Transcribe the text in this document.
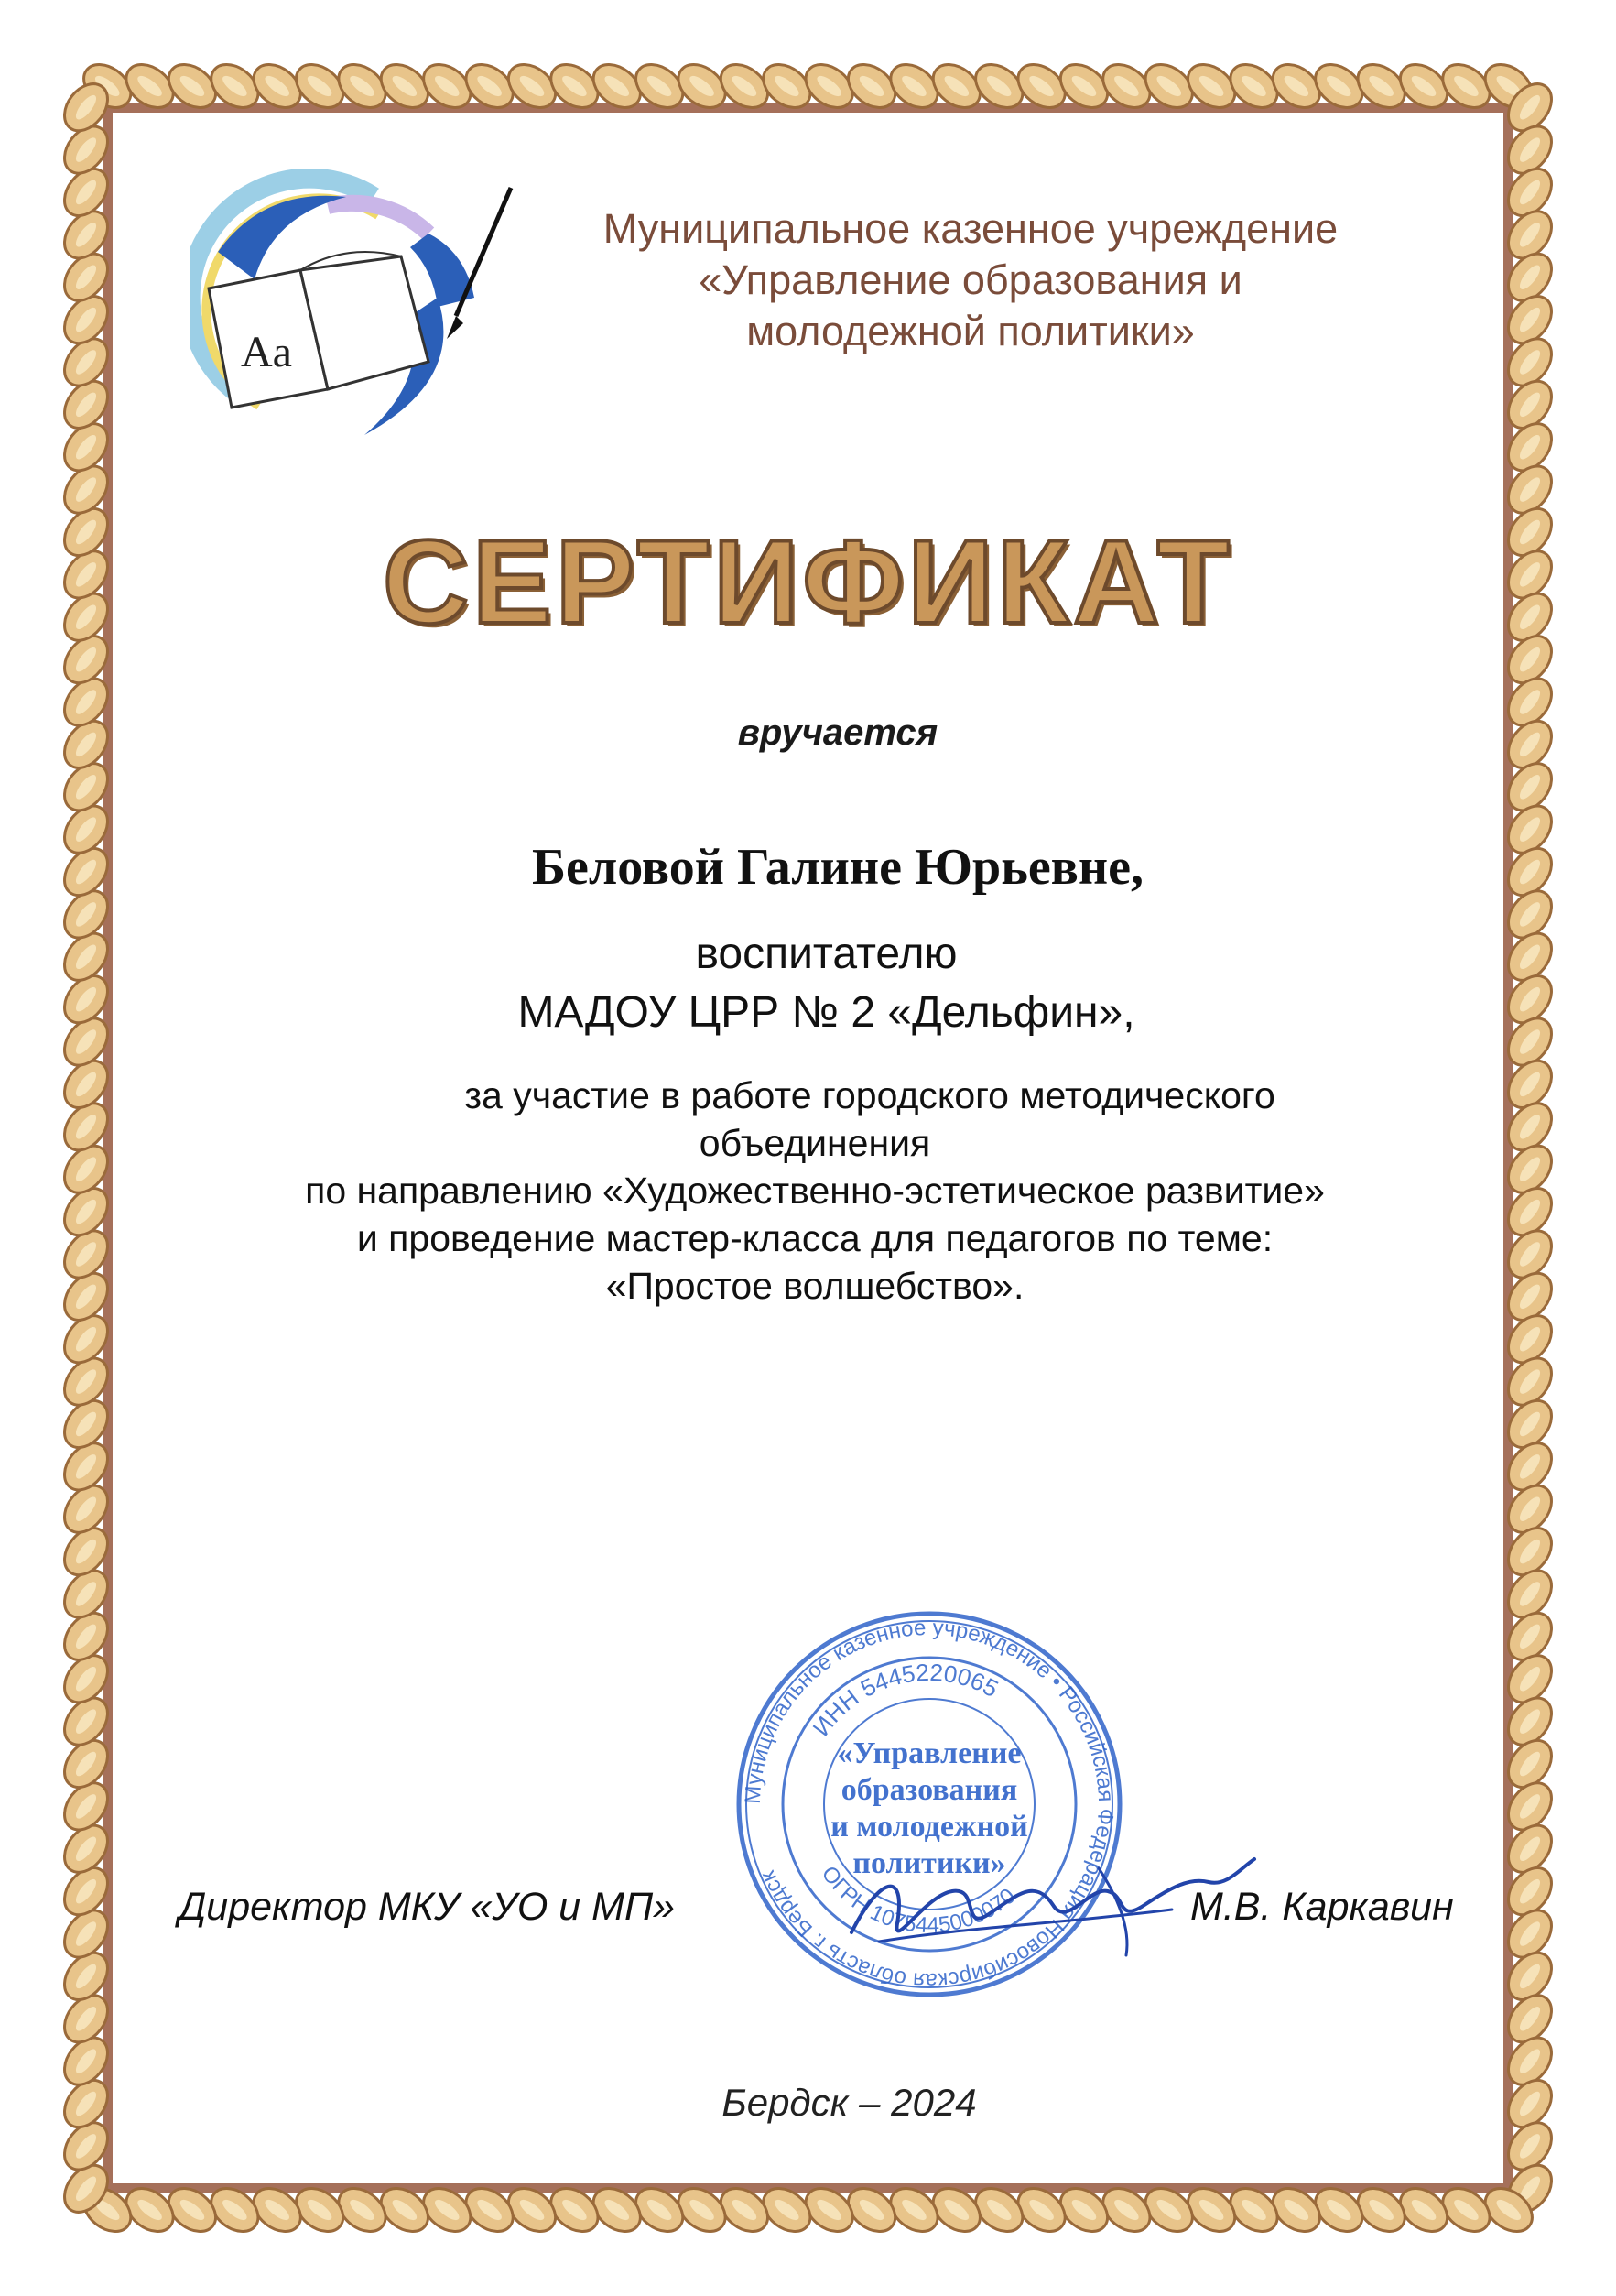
Aa
Муниципальное казенное учреждение
«Управление образования и
молодежной политики»
СЕРТИФИКАТ
вручается
Беловой Галине Юрьевне,
воспитателю
МАДОУ ЦРР № 2 «Дельфин»,
за участие в работе городского методического
объединения
по направлению «Художественно-эстетическое развитие»
и проведение мастер-класса для педагогов по теме:
«Простое волшебство».
Муниципальное казенное учреждение • Российская Федерация Новосибирская область г. Бердск
ИНН 5445220065
ОГРН 1075445000070
«Управление
образования
и молодежной
политики»
Директор МКУ «УО и МП»	М.В. Каркавин
Бердск – 2024
